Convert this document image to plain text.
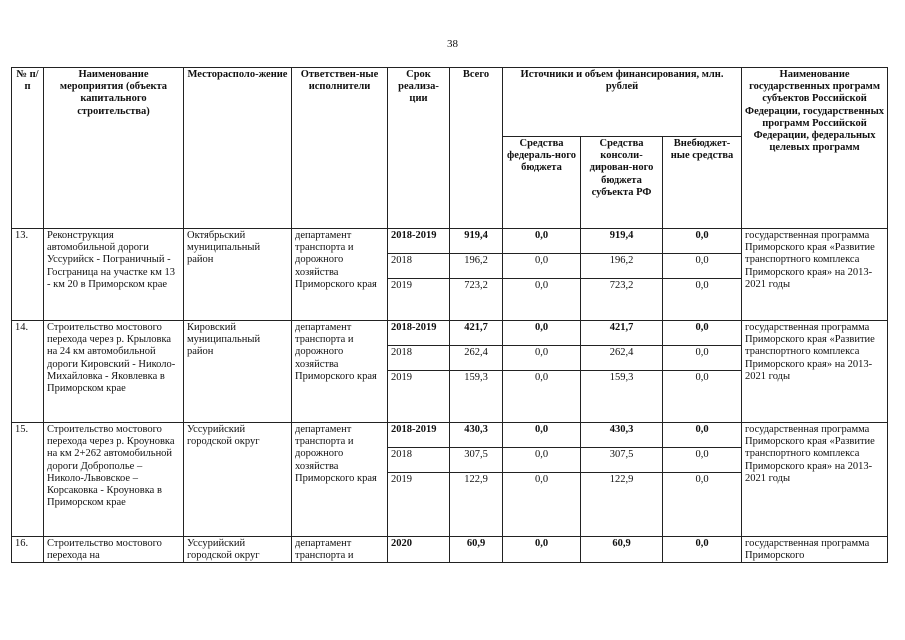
38
№ п/п	Наименование мероприятия (объекта капитального строительства)	Месторасполо-жение	Ответствен-ные исполнители	Срок реализа-ции	Всего	Источники и объем финансирования, млн. рублей			Наименование государственных программ субъектов Российской Федерации, государственных программ Российской Федерации, федеральных целевых программ
						Средства федераль-ного бюджета	Средства консоли-дирован-ного бюджета субъекта РФ	Внебюджет-ные средства	
13.	Реконструкция автомобильной дороги Уссурийск - Пограничный - Госграница на участке км 13 - км 20 в Приморском крае	Октябрьский муниципальный район	департамент транспорта и дорожного хозяйства Приморского края	2018-2019	919,4	0,0	919,4	0,0	государственная программа Приморского края «Развитие транспортного комплекса Приморского края» на 2013-2021 годы
				2018	196,2	0,0	196,2	0,0	
				2019	723,2	0,0	723,2	0,0	
14.	Строительство мостового перехода через р. Крыловка на 24 км автомобильной дороги Кировский - Николо-Михайловка - Яковлевка в Приморском крае	Кировский муниципальный район	департамент транспорта и дорожного хозяйства Приморского края	2018-2019	421,7	0,0	421,7	0,0	государственная программа Приморского края «Развитие транспортного комплекса Приморского края» на 2013-2021 годы
				2018	262,4	0,0	262,4	0,0	
				2019	159,3	0,0	159,3	0,0	
15.	Строительство мостового перехода через р. Кроуновка на км 2+262 автомобильной дороги Доброполье – Николо-Львовское – Корсаковка - Кроуновка в Приморском крае	Уссурийский городской округ	департамент транспорта и дорожного хозяйства Приморского края	2018-2019	430,3	0,0	430,3	0,0	государственная программа Приморского края «Развитие транспортного комплекса Приморского края» на 2013-2021 годы
				2018	307,5	0,0	307,5	0,0	
				2019	122,9	0,0	122,9	0,0	
16.	Строительство мостового перехода на	Уссурийский городской округ	департамент транспорта и	2020	60,9	0,0	60,9	0,0	государственная программа Приморского
